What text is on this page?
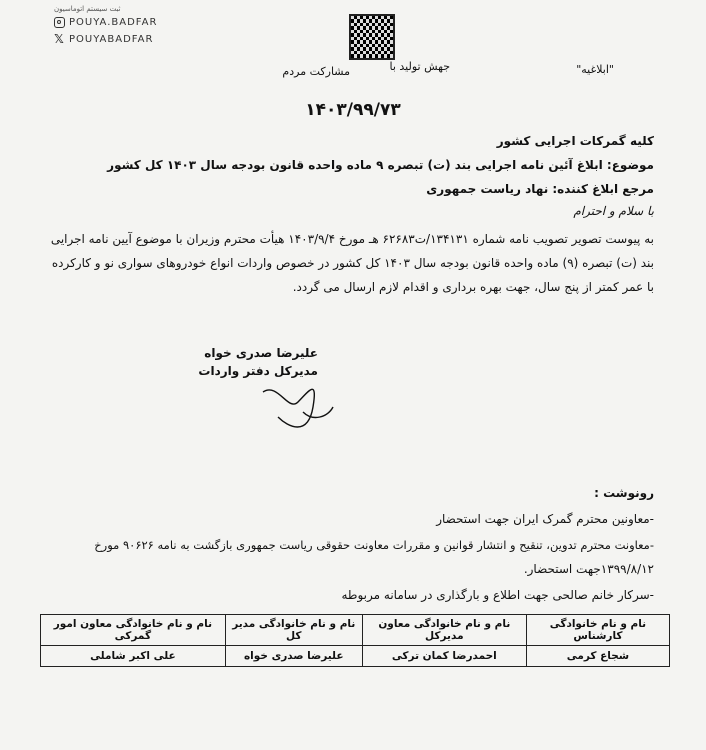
ثبت سیستم اتوماسیون
POUYA.BADFAR
𝕏 POUYABADFAR
"ابلاغیه"
جهش تولید با
مشارکت مردم
۱۴۰۳/۹۹/۷۳
کلیه گمرکات اجرایی کشور
موضوع: ابلاغ آئین نامه اجرایی بند (ت) تبصره ۹ ماده واحده قانون بودجه سال ۱۴۰۳ کل کشور
مرجع ابلاغ کننده: نهاد ریاست جمهوری
با سلام و احترام
به پیوست تصویر تصویب نامه شماره ۱۳۴۱۳۱/ت۶۲۶۸۳ هـ مورخ ۱۴۰۳/۹/۴ هیأت محترم وزیران با موضوع آیین نامه اجرایی
بند (ت) تبصره (۹) ماده واحده قانون بودجه سال ۱۴۰۳ کل کشور در خصوص واردات انواع خودروهای سواری نو و کارکرده
با عمر کمتر از پنج سال، جهت بهره برداری و اقدام لازم ارسال می گردد.
علیرضا صدری خواه
مدیرکل دفتر واردات
رونوشت :
-معاونین محترم گمرک ایران جهت استحضار
-معاونت محترم تدوین، تنقیح و انتشار قوانین و مقررات معاونت حقوقی ریاست جمهوری بازگشت به نامه ۹۰۶۲۶ مورخ
۱۳۹۹/۸/۱۲جهت استحضار.
-سرکار خانم صالحی جهت اطلاع و بارگذاری در سامانه مربوطه
نام و نام خانوادگی کارشناس	نام و نام خانوادگی معاون مدیرکل	نام و نام خانوادگی مدیر کل	نام و نام خانوادگی معاون امور گمرکی
شجاع کرمی	احمدرضا کمان ترکی	علیرضا صدری خواه	علی اکبر شاملی
